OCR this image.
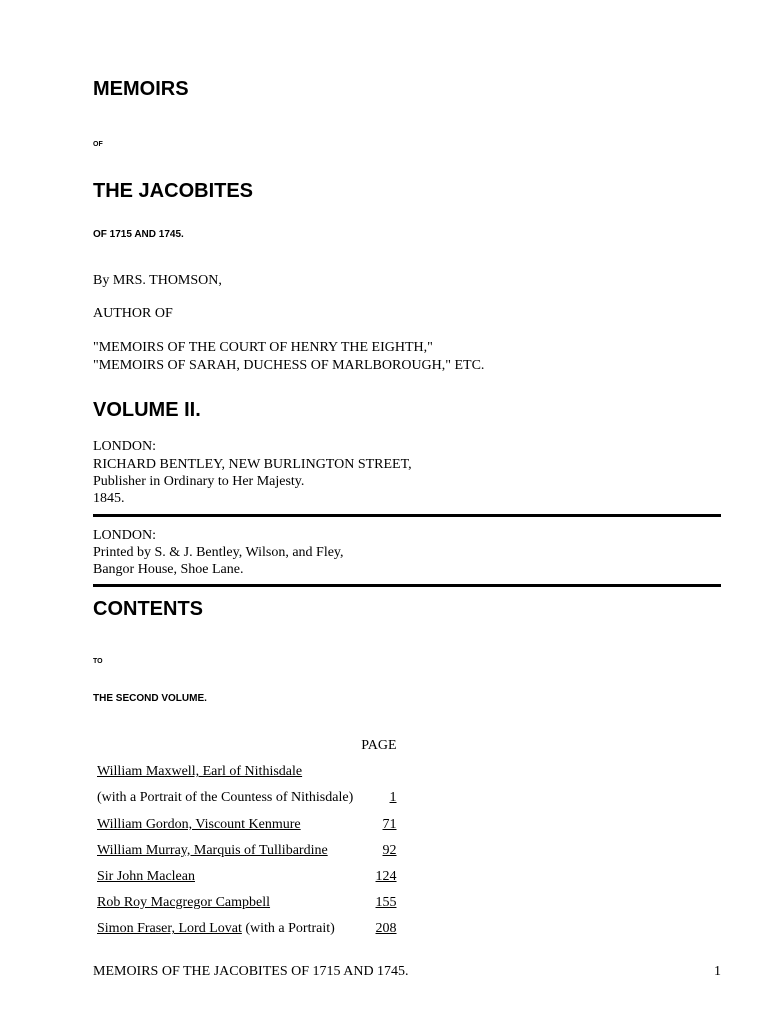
MEMOIRS
OF
THE JACOBITES
OF 1715 AND 1745.
By MRS. THOMSON,
AUTHOR OF
"MEMOIRS OF THE COURT OF HENRY THE EIGHTH,"
"MEMOIRS OF SARAH, DUCHESS OF MARLBOROUGH," ETC.
VOLUME II.
LONDON:
RICHARD BENTLEY, NEW BURLINGTON STREET,
Publisher in Ordinary to Her Majesty.
1845.
LONDON:
Printed by S. & J. Bentley, Wilson, and Fley,
Bangor House, Shoe Lane.
CONTENTS
TO
THE SECOND VOLUME.
	PAGE
William Maxwell, Earl of Nithisdale	
(with a Portrait of the Countess of Nithisdale)	1
William Gordon, Viscount Kenmure	71
William Murray, Marquis of Tullibardine	92
Sir John Maclean	124
Rob Roy Macgregor Campbell	155
Simon Fraser, Lord Lovat (with a Portrait)	208
MEMOIRS OF THE JACOBITES OF 1715 AND 1745.	1
